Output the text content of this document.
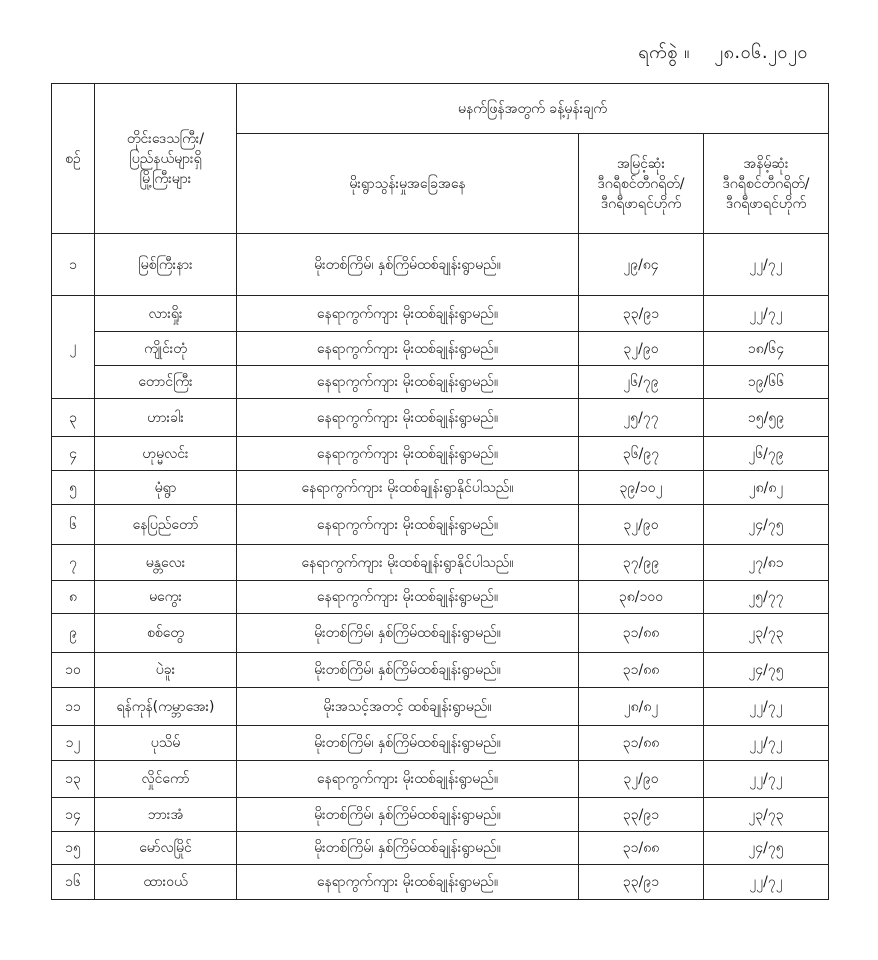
ရက်စွဲ ။ ၂၈.၀၆.၂၀၂၀
စဉ်	တိုင်းဒေသကြီး/
ပြည်နယ်များရှိ
မြို့ကြီးများ	မနက်ဖြန်အတွက် ခန့်မှန်းချက်		
		မိုးရွာသွန်းမှုအခြေအနေ	အမြင့်ဆုံး
ဒီဂရီစင်တီဂရိတ်/
ဒီဂရီဖာရင်ဟိုက်	အနိမ့်ဆုံး
ဒီဂရီစင်တီဂရိတ်/
ဒီဂရီဖာရင်ဟိုက်
၁	မြစ်ကြီးနား	မိုးတစ်ကြိမ်၊ နှစ်ကြိမ်ထစ်ချုန်းရွာမည်။	၂၉/၈၄	၂၂/၇၂
၂	လားရှိုး	နေရာကွက်ကျား မိုးထစ်ချုန်းရွာမည်။	၃၃/၉၁	၂၂/၇၂
	ကျိုင်းတုံ	နေရာကွက်ကျား မိုးထစ်ချုန်းရွာမည်။	၃၂/၉၀	၁၈/၆၄
	တောင်ကြီး	နေရာကွက်ကျား မိုးထစ်ချုန်းရွာမည်။	၂၆/၇၉	၁၉/၆၆
၃	ဟားခါး	နေရာကွက်ကျား မိုးထစ်ချုန်းရွာမည်။	၂၅/၇၇	၁၅/၅၉
၄	ဟုမ္မလင်း	နေရာကွက်ကျား မိုးထစ်ချုန်းရွာမည်။	၃၆/၉၇	၂၆/၇၉
၅	မုံရွာ	နေရာကွက်ကျား မိုးထစ်ချုန်းရွာနိုင်ပါသည်။	၃၉/၁၀၂	၂၈/၈၂
၆	နေပြည်တော်	နေရာကွက်ကျား မိုးထစ်ချုန်းရွာမည်။	၃၂/၉၀	၂၄/၇၅
၇	မန္တလေး	နေရာကွက်ကျား မိုးထစ်ချုန်းရွာနိုင်ပါသည်။	၃၇/၉၉	၂၇/၈၁
၈	မကွေး	နေရာကွက်ကျား မိုးထစ်ချုန်းရွာမည်။	၃၈/၁၀၀	၂၅/၇၇
၉	စစ်တွေ	မိုးတစ်ကြိမ်၊ နှစ်ကြိမ်ထစ်ချုန်းရွာမည်။	၃၁/၈၈	၂၃/၇၃
၁၀	ပဲခူး	မိုးတစ်ကြိမ်၊ နှစ်ကြိမ်ထစ်ချုန်းရွာမည်။	၃၁/၈၈	၂၄/၇၅
၁၁	ရန်ကုန်(ကမ္ဘာအေး)	မိုးအသင့်အတင့် ထစ်ချုန်းရွာမည်။	၂၈/၈၂	၂၂/၇၂
၁၂	ပုသိမ်	မိုးတစ်ကြိမ်၊ နှစ်ကြိမ်ထစ်ချုန်းရွာမည်။	၃၁/၈၈	၂၂/၇၂
၁၃	လှိုင်ကော်	နေရာကွက်ကျား မိုးထစ်ချုန်းရွာမည်။	၃၂/၉၀	၂၂/၇၂
၁၄	ဘားအံ	မိုးတစ်ကြိမ်၊ နှစ်ကြိမ်ထစ်ချုန်းရွာမည်။	၃၃/၉၁	၂၃/၇၃
၁၅	မော်လမြိုင်	မိုးတစ်ကြိမ်၊ နှစ်ကြိမ်ထစ်ချုန်းရွာမည်။	၃၁/၈၈	၂၄/၇၅
၁၆	ထားဝယ်	နေရာကွက်ကျား မိုးထစ်ချုန်းရွာမည်။	၃၃/၉၁	၂၂/၇၂
